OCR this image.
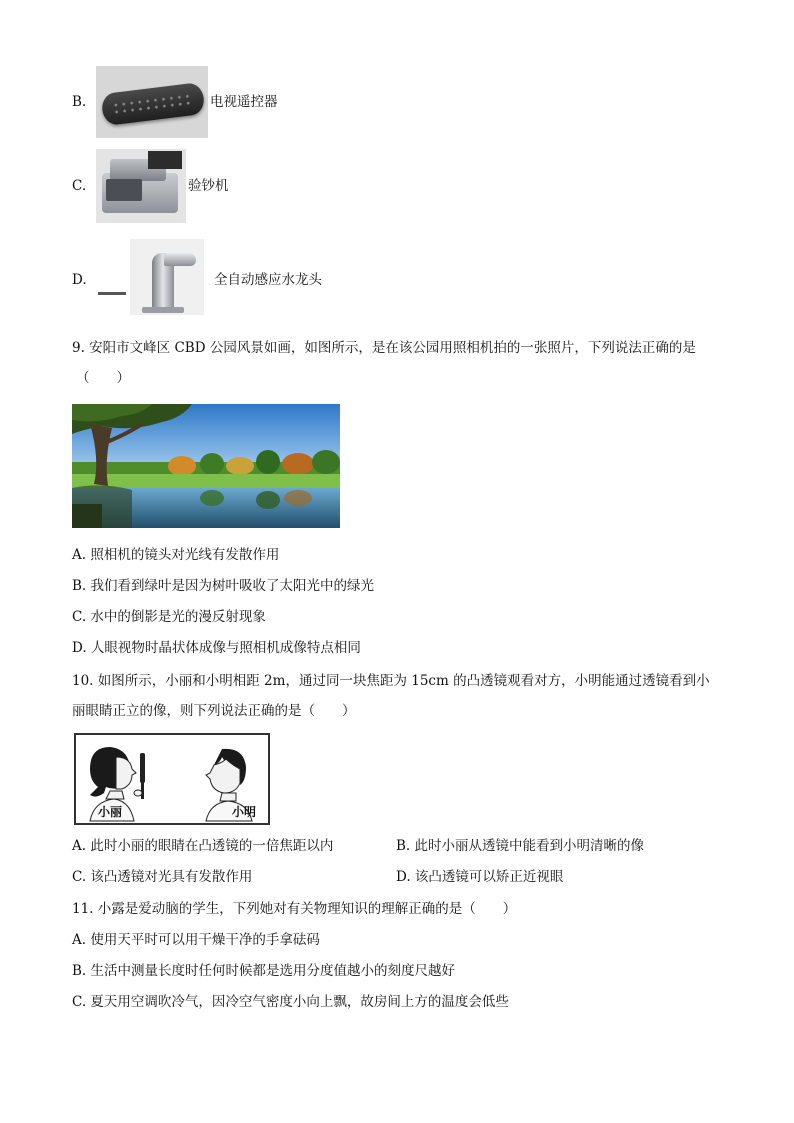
B.	电视遥控器
C.	验钞机
D.	全自动感应水龙头
9. 安阳市文峰区 CBD 公园风景如画，如图所示，是在该公园用照相机拍的一张照片，下列说法正确的是
（　　）
A. 照相机的镜头对光线有发散作用
B. 我们看到绿叶是因为树叶吸收了太阳光中的绿光
C. 水中的倒影是光的漫反射现象
D. 人眼视物时晶状体成像与照相机成像特点相同
10. 如图所示，小丽和小明相距 2m，通过同一块焦距为 15cm 的凸透镜观看对方，小明能通过透镜看到小
丽眼睛正立的像，则下列说法正确的是（　　）
小丽	小明
A. 此时小丽的眼睛在凸透镜的一倍焦距以内	B. 此时小丽从透镜中能看到小明清晰的像
C. 该凸透镜对光具有发散作用	D. 该凸透镜可以矫正近视眼
11. 小露是爱动脑的学生，下列她对有关物理知识的理解正确的是（　　）
A. 使用天平时可以用干燥干净的手拿砝码
B. 生活中测量长度时任何时候都是选用分度值越小的刻度尺越好
C. 夏天用空调吹冷气，因冷空气密度小向上飘，故房间上方的温度会低些
